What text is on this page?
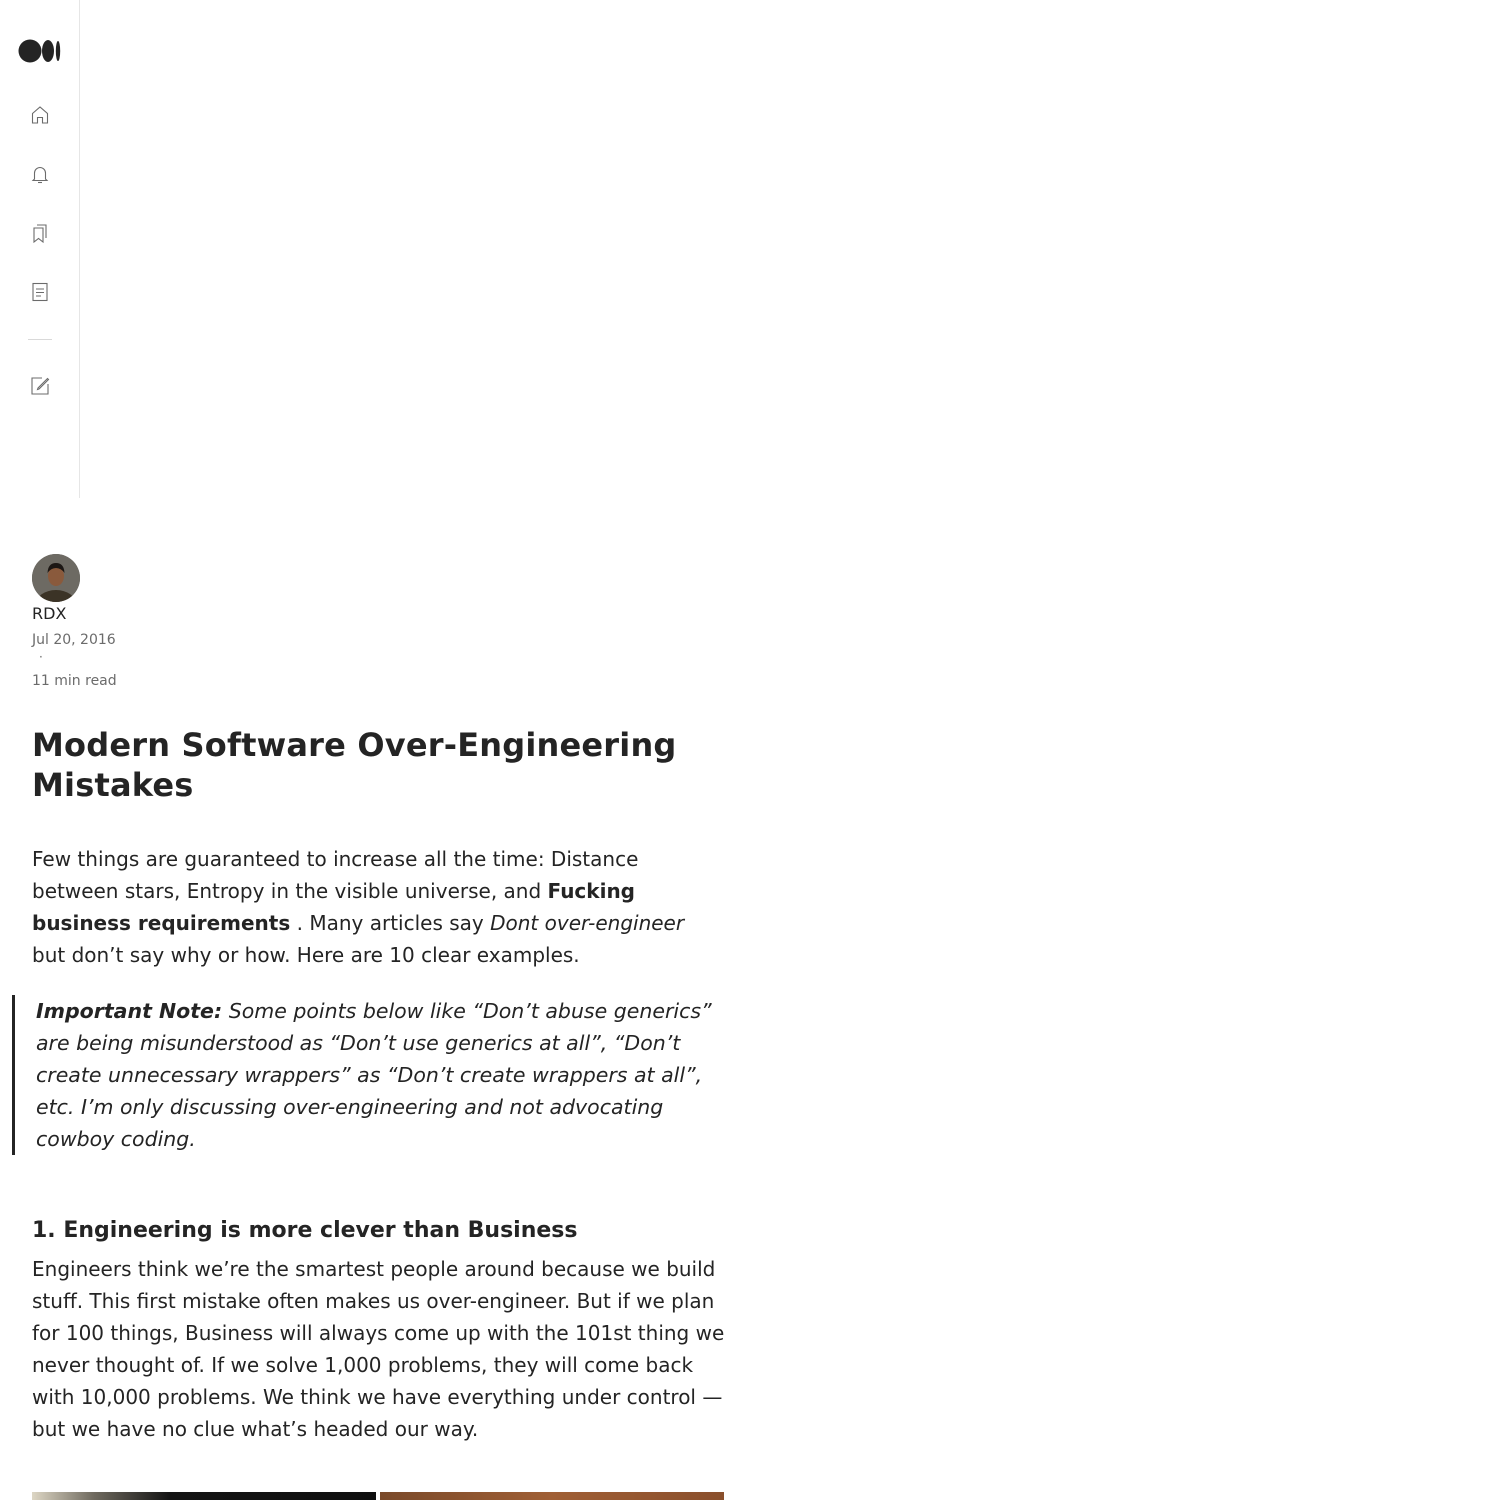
RDX
Jul 20, 2016
·
11 min read
Modern Software Over-Engineering Mistakes

Few things are guaranteed to increase all the time: Distance between stars, Entropy in the visible universe, and Fucking business requirements . Many articles say Dont over-engineer but don’t say why or how. Here are 10 clear examples.

Important Note: Some points below like “Don’t abuse generics” are being misunderstood as “Don’t use generics at all”, “Don’t create unnecessary wrappers” as “Don’t create wrappers at all”, etc. I’m only discussing over-engineering and not advocating cowboy coding.
1. Engineering is more clever than Business

Engineers think we’re the smartest people around because we build stuff. This first mistake often makes us over-engineer. But if we plan for 100 things, Business will always come up with the 101st thing we never thought of. If we solve 1,000 problems, they will come back with 10,000 problems. We think we have everything under control — but we have no clue what’s headed our way.
